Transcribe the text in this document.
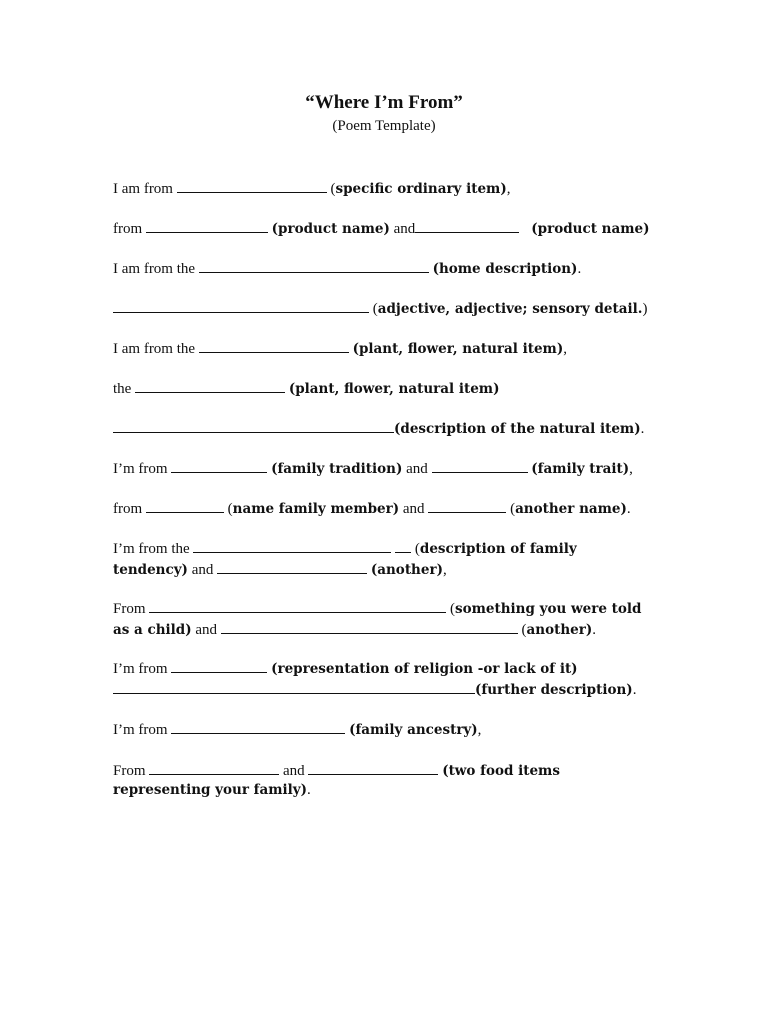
“Where I’m From”
(Poem Template)
I am from	(specific ordinary item),
from	(product name) and	(product name)
I am from the	(home description).
(adjective, adjective; sensory detail.)
I am from the	(plant, flower, natural item),
the	(plant, flower, natural item)
(description of the natural item).
I’m from	(family tradition) and	(family trait),
from	(name family member) and	(another name).
I’m from the	(description of family
tendency) and	(another),
From	(something you were told
as a child) and	(another).
I’m from	(representation of religion -or lack of it)
(further description).
I’m from	(family ancestry),
From	and	(two food items
representing your family).
